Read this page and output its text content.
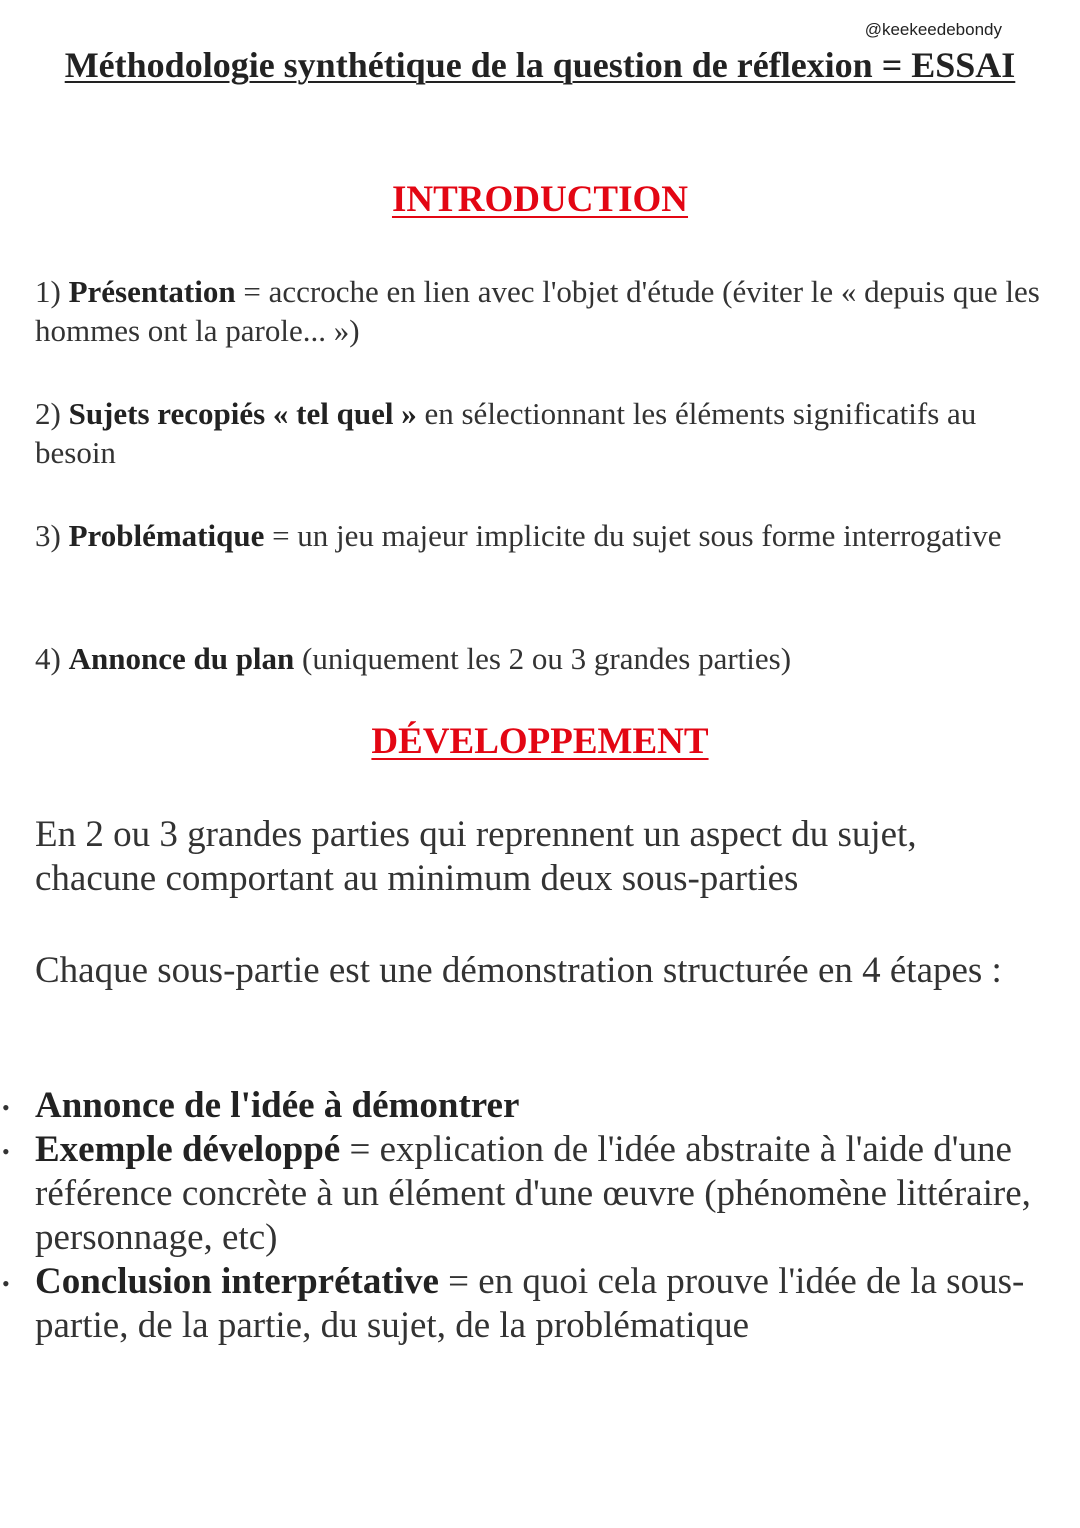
@keekeedebondy
Méthodologie synthétique de la question de réflexion = ESSAI
INTRODUCTION
1) Présentation = accroche en lien avec l'objet d'étude (éviter le « depuis que les hommes ont la parole... »)
2) Sujets recopiés « tel quel » en sélectionnant les éléments significatifs au besoin
3) Problématique = un jeu majeur implicite du sujet sous forme interrogative
4) Annonce du plan (uniquement les 2 ou 3 grandes parties)
DÉVELOPPEMENT
En 2 ou 3 grandes parties qui reprennent un aspect du sujet, chacune comportant au minimum deux sous-parties
Chaque sous-partie est une démonstration structurée en 4 étapes :
• Annonce de l'idée à démontrer
• Exemple développé = explication de l'idée abstraite à l'aide d'une référence concrète à un élément d'une œuvre (phénomène littéraire, personnage, etc)
• Conclusion interprétative = en quoi cela prouve l'idée de la sous-partie, de la partie, du sujet, de la problématique
